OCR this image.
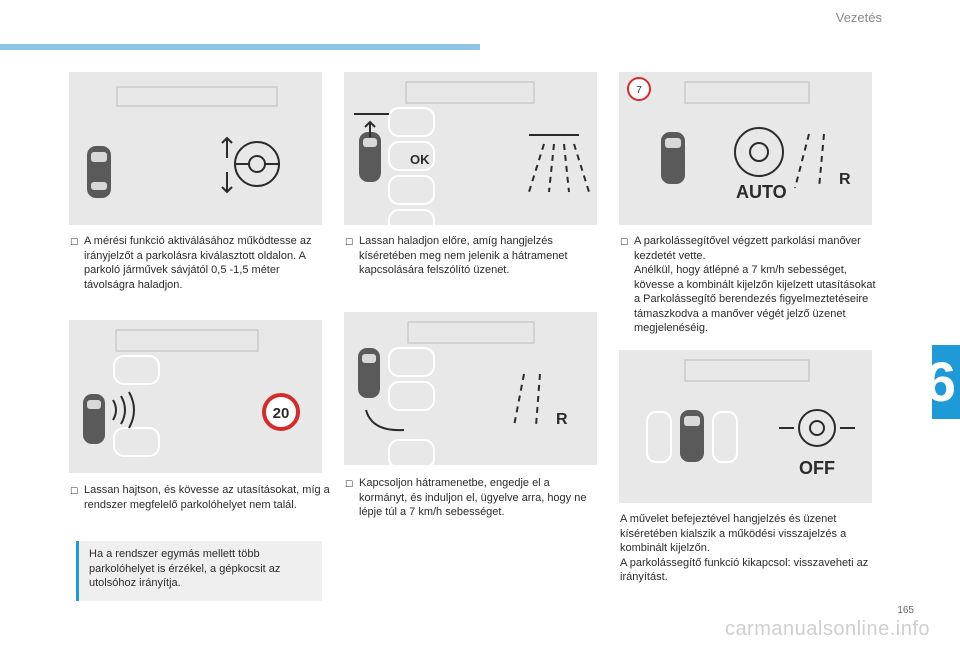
Vezetés
6
☐ A mérési funkció aktiválásához működtesse az irányjelzőt a parkolásra kiválasztott oldalon. A parkoló járművek sávjától 0,5 -1,5 méter távolságra haladjon.
OK
☐ Lassan haladjon előre, amíg hangjelzés kíséretében meg nem jelenik a hátramenet kapcsolására felszólító üzenet.
7
AUTO
R
☐ A parkolássegítővel végzett parkolási manőver kezdetét vette.
Anélkül, hogy átlépné a 7 km/h sebességet, kövesse a kombinált kijelzőn kijelzett utasításokat a Parkolássegítő berendezés figyelmeztetéseire támaszkodva a manőver végét jelző üzenet megjelenéséig.
20
☐ Lassan hajtson, és kövesse az utasításokat, míg a rendszer megfelelő parkolóhelyet nem talál.
Ha a rendszer egymás mellett több parkolóhelyet is érzékel, a gépkocsit az utolsóhoz irányítja.
R
☐ Kapcsoljon hátramenetbe, engedje el a kormányt, és induljon el, ügyelve arra, hogy ne lépje túl a 7 km/h sebességet.
OFF
A művelet befejeztével hangjelzés és üzenet kíséretében kialszik a működési visszajelzés a kombinált kijelzőn.
A parkolássegítő funkció kikapcsol: visszaveheti az irányítást.
165
carmanualsonline.info
